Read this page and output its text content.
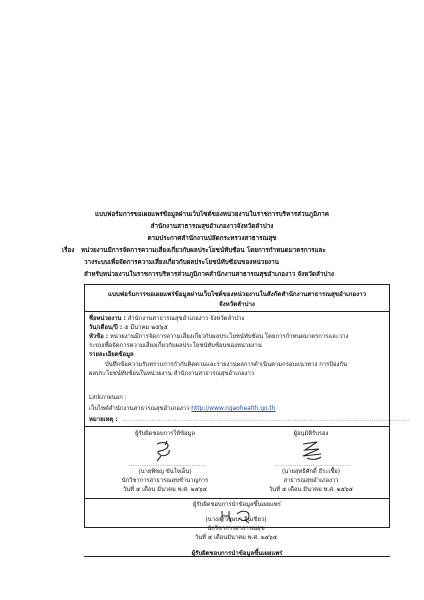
แบบฟอร์มการขอเผยแพร่ข้อมูลผ่านเว็บไซต์ของหน่วยงานในราชการบริหารส่วนภูมิภาค
สำนักงานสาธารณสุขอำเภองาวจังหวัดลำปาง
ตามประกาศสำนักงานปลัดกระทรวงสาธารณสุข
เรื่อง หน่วยงานมีการจัดการความเสี่ยงเกี่ยวกับผลประโยชน์ทับซ้อน โดยการกำหนดมาตรการและ
วางระบบเพื่อจัดการความเสี่ยงเกี่ยวกับผลประโยชน์ทับซ้อนของหน่วยงาน
สำหรับหน่วยงานในราชการบริหารส่วนภูมิภาคสำนักงานสาธารณสุขอำเภองาว จังหวัดลำปาง
แบบฟอร์มการขอเผยแพร่ข้อมูลผ่านเว็บไซต์ของหน่วยงานในสังกัดสำนักงานสาธารณสุขอำเภองาว
จังหวัดลำปาง
ชื่อหน่วยงาน : สำนักงานสาธารณสุขอำเภองาว จังหวัดลำปาง
วัน/เดือน/ปี : ๕ มีนาคม ๒๕๖๕
หัวข้อ : หน่วยงานมีการจัดการความเสี่ยงเกี่ยวกับผลประโยชน์ทับซ้อน โดยการกำหนดมาตรการและวาง
ระบบเพื่อจัดการความเสี่ยงเกี่ยวกับผลประโยชน์ทับซ้อนของหน่วยงาน
รายละเอียดข้อมูล
บันทึกข้อความรับทราบการกำกับติดตามและรายงานผลการดำเนินตามกรอบแนวทาง การป้องกัน
ผลประโยชน์ทับซ้อนในหน่วยงาน สำนักงานสาธารณสุขอำเภองาว
Linkภายนอก :
เว็บไซต์สำนักงานสาธารณสุขอำเภองาว http://www.ngaohealth.go.th
หมายเหตุ : ................................................................................................................................................................
ผู้รับผิดชอบการให้ข้อมูล
...........................................
(นายพิชญ ขันใจเอ็น)
นักวิชาการสาธารณสุขชำนาญการ
วันที่ ๕ เดือน มีนาคม พ.ศ. ๒๕๖๕
ผู้อนุมัติรับรอง
...........................................
(นายสุทธิศักดิ์ ธีระเชื้อ)
สาธารณสุขอำเภองาว
วันที่ ๕ เดือน มีนาคม พ.ศ. ๒๕๖๕
ผู้รับผิดชอบการนำข้อมูลขึ้นเผยแพร่
(นางสาวบุษบา อินเขียว)
นักวิชาการสาธารณสุข
วันที่ ๕ เดือนมีนาคม พ.ศ. ๒๕๖๕
ผู้รับผิดชอบการนำข้อมูลขึ้นเผยแพร่
